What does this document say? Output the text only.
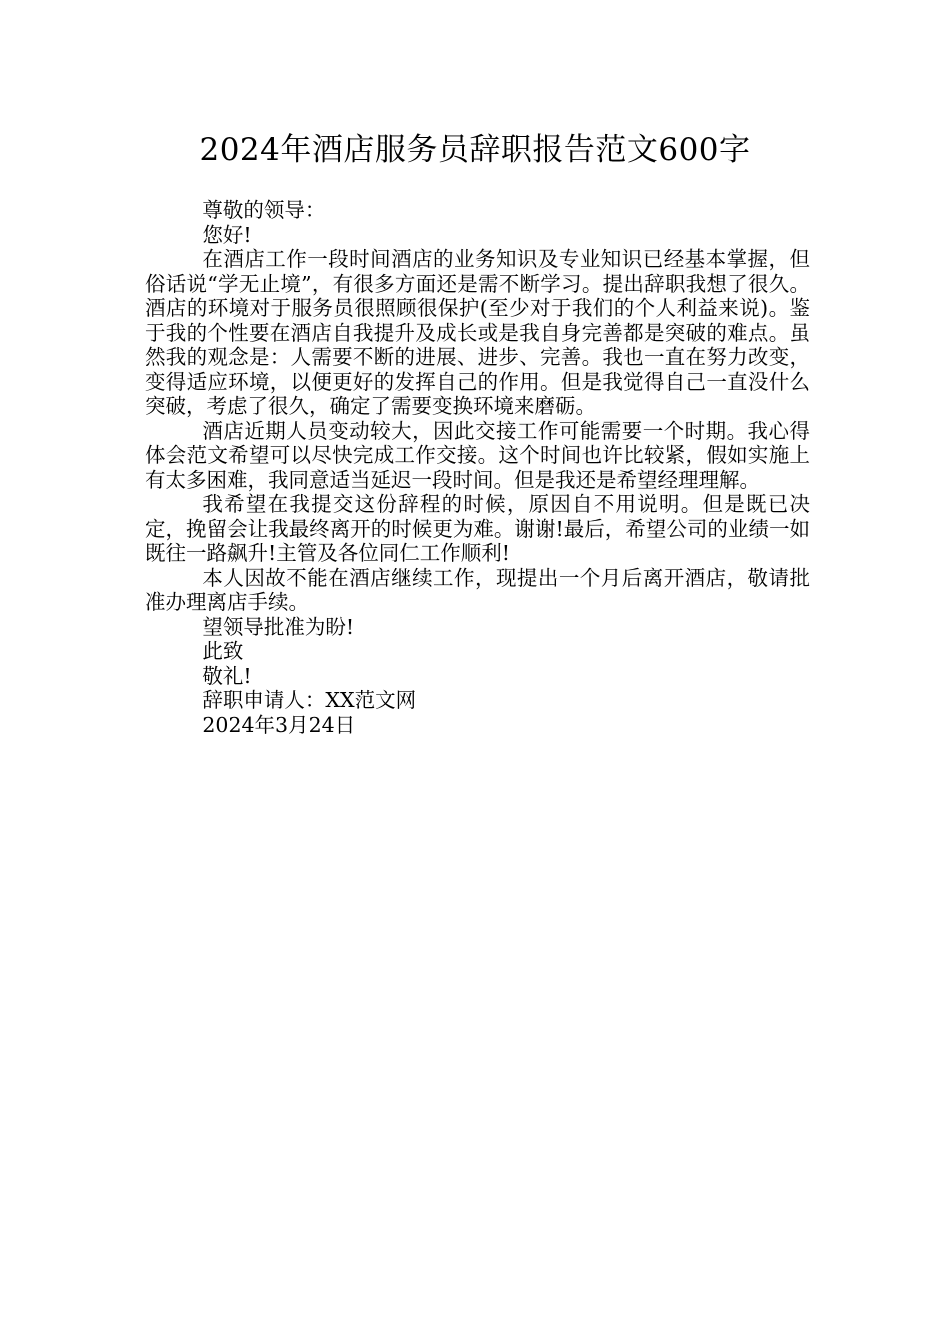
2024年酒店服务员辞职报告范文600字

尊敬的领导：

您好!

在酒店工作一段时间酒店的业务知识及专业知识已经基本掌握，但俗话说“学无止境”，有很多方面还是需不断学习。提出辞职我想了很久。酒店的环境对于服务员很照顾很保护(至少对于我们的个人利益来说)。鉴于我的个性要在酒店自我提升及成长或是我自身完善都是突破的难点。虽然我的观念是：人需要不断的进展、进步、完善。我也一直在努力改变，变得适应环境，以便更好的发挥自己的作用。但是我觉得自己一直没什么突破，考虑了很久，确定了需要变换环境来磨砺。

酒店近期人员变动较大，因此交接工作可能需要一个时期。我心得体会范文希望可以尽快完成工作交接。这个时间也许比较紧，假如实施上有太多困难，我同意适当延迟一段时间。但是我还是希望经理理解。

我希望在我提交这份辞程的时候，原因自不用说明。但是既已决定，挽留会让我最终离开的时候更为难。谢谢!最后，希望公司的业绩一如既往一路飙升!主管及各位同仁工作顺利!

本人因故不能在酒店继续工作，现提出一个月后离开酒店，敬请批准办理离店手续。

望领导批准为盼!

此致

敬礼!

辞职申请人：XX范文网

2024年3月24日
